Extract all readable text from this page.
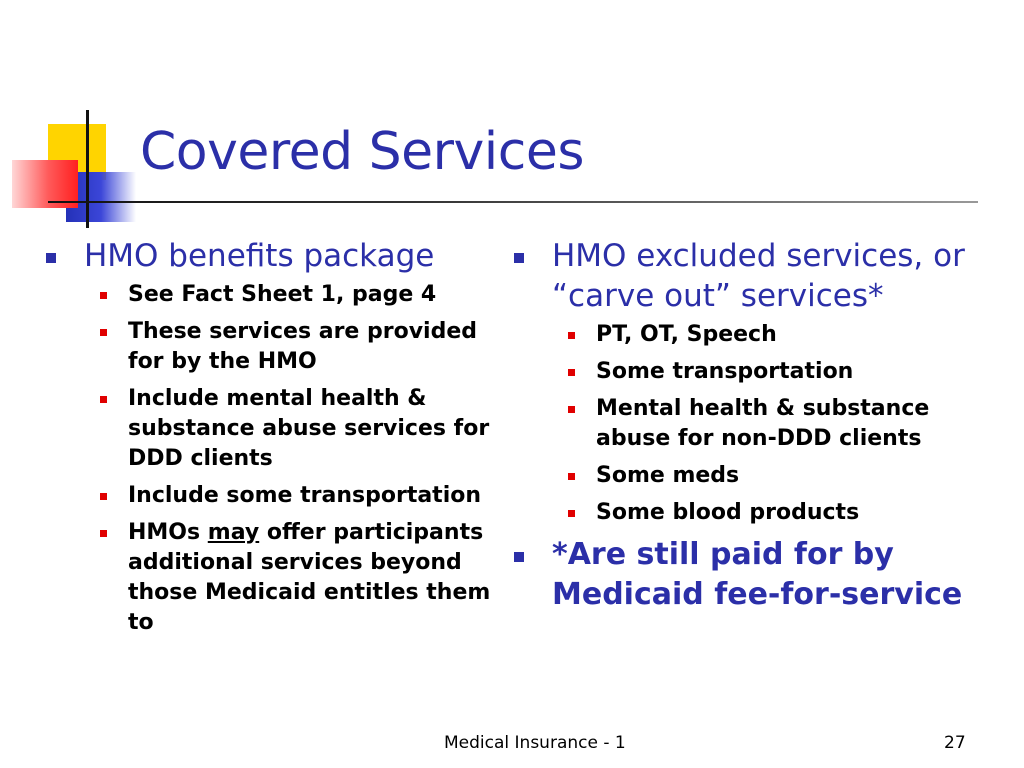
Covered Services
HMO benefits package
See Fact Sheet 1, page 4
These services are provided for by the HMO
Include mental health & substance abuse services for DDD clients
Include some transportation
HMOs may offer participants additional services beyond those Medicaid entitles them to
HMO excluded services, or “carve out” services*
PT, OT, Speech
Some transportation
Mental health & substance abuse for non-DDD clients
Some meds
Some blood products
*Are still paid for by Medicaid fee-for-service
Medical Insurance - 1	27
